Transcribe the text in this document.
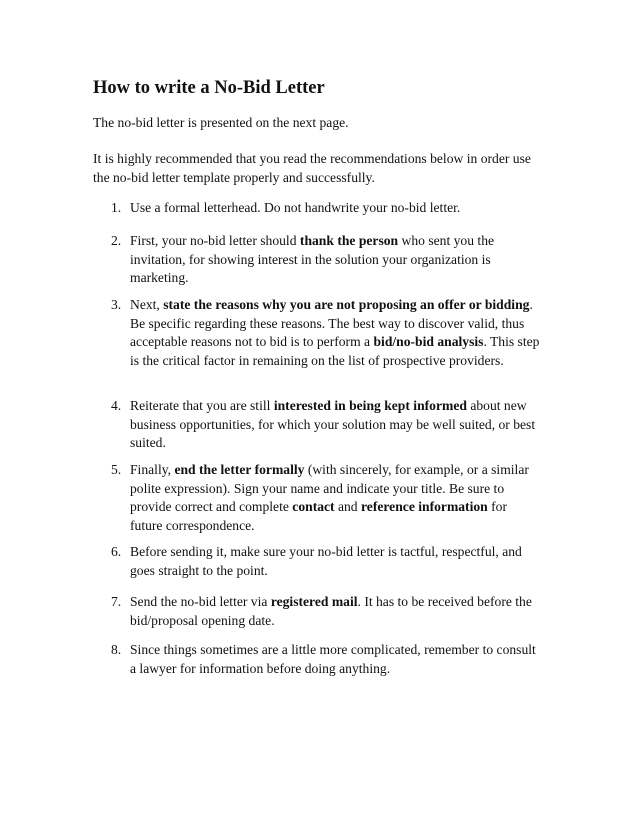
How to write a No-Bid Letter

The no-bid letter is presented on the next page.

It is highly recommended that you read the recommendations below in order use the no-bid letter template properly and successfully.

1. Use a formal letterhead. Do not handwrite your no-bid letter.
2. First, your no-bid letter should thank the person who sent you the invitation, for showing interest in the solution your organization is marketing.
3. Next, state the reasons why you are not proposing an offer or bidding. Be specific regarding these reasons. The best way to discover valid, thus acceptable reasons not to bid is to perform a bid/no-bid analysis. This step is the critical factor in remaining on the list of prospective providers.
4. Reiterate that you are still interested in being kept informed about new business opportunities, for which your solution may be well suited, or best suited.
5. Finally, end the letter formally (with sincerely, for example, or a similar polite expression). Sign your name and indicate your title. Be sure to provide correct and complete contact and reference information for future correspondence.
6. Before sending it, make sure your no-bid letter is tactful, respectful, and goes straight to the point.
7. Send the no-bid letter via registered mail. It has to be received before the bid/proposal opening date.
8. Since things sometimes are a little more complicated, remember to consult a lawyer for information before doing anything.
